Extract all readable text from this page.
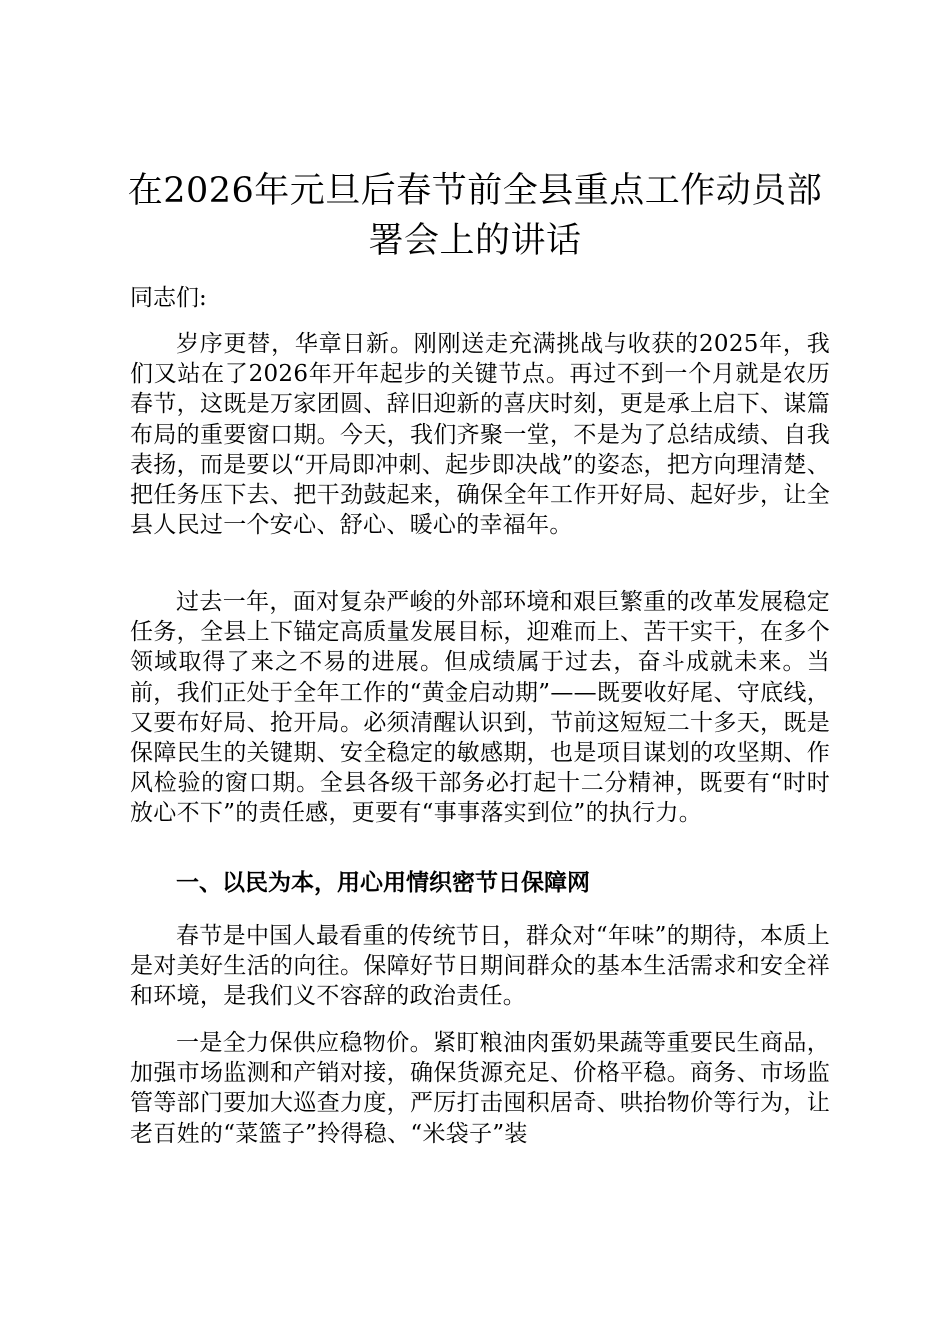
在2026年元旦后春节前全县重点工作动员部署会上的讲话

同志们:

岁序更替，华章日新。刚刚送走充满挑战与收获的2025年，我们又站在了2026年开年起步的关键节点。再过不到一个月就是农历春节，这既是万家团圆、辞旧迎新的喜庆时刻，更是承上启下、谋篇布局的重要窗口期。今天，我们齐聚一堂，不是为了总结成绩、自我表扬，而是要以“开局即冲刺、起步即决战”的姿态，把方向理清楚、把任务压下去、把干劲鼓起来，确保全年工作开好局、起好步，让全县人民过一个安心、舒心、暖心的幸福年。

过去一年，面对复杂严峻的外部环境和艰巨繁重的改革发展稳定任务，全县上下锚定高质量发展目标，迎难而上、苦干实干，在多个领域取得了来之不易的进展。但成绩属于过去，奋斗成就未来。当前，我们正处于全年工作的“黄金启动期”——既要收好尾、守底线，又要布好局、抢开局。必须清醒认识到，节前这短短二十多天，既是保障民生的关键期、安全稳定的敏感期，也是项目谋划的攻坚期、作风检验的窗口期。全县各级干部务必打起十二分精神，既要有“时时放心不下”的责任感，更要有“事事落实到位”的执行力。

一、以民为本，用心用情织密节日保障网

春节是中国人最看重的传统节日，群众对“年味”的期待，本质上是对美好生活的向往。保障好节日期间群众的基本生活需求和安全祥和环境，是我们义不容辞的政治责任。

一是全力保供应稳物价。紧盯粮油肉蛋奶果蔬等重要民生商品，加强市场监测和产销对接，确保货源充足、价格平稳。商务、市场监管等部门要加大巡查力度，严厉打击囤积居奇、哄抬物价等行为，让老百姓的“菜篮子”拎得稳、“米袋子”装
